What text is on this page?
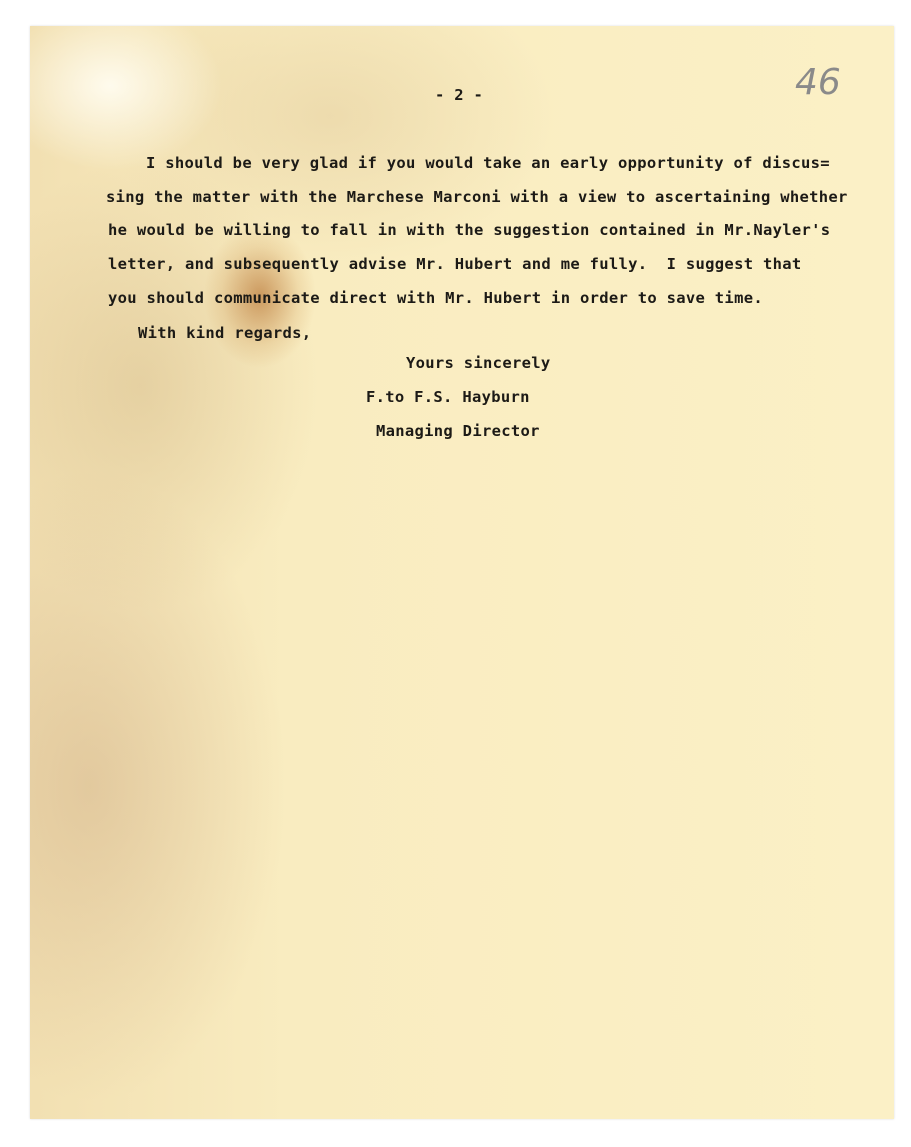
46
- 2 -
I should be very glad if you would take an early opportunity of discus=
sing the matter with the Marchese Marconi with a view to ascertaining whether
he would be willing to fall in with the suggestion contained in Mr.Nayler's
letter, and subsequently advise Mr. Hubert and me fully.  I suggest that
you should communicate direct with Mr. Hubert in order to save time.
With kind regards,
Yours sincerely
F.to F.S. Hayburn
Managing Director
